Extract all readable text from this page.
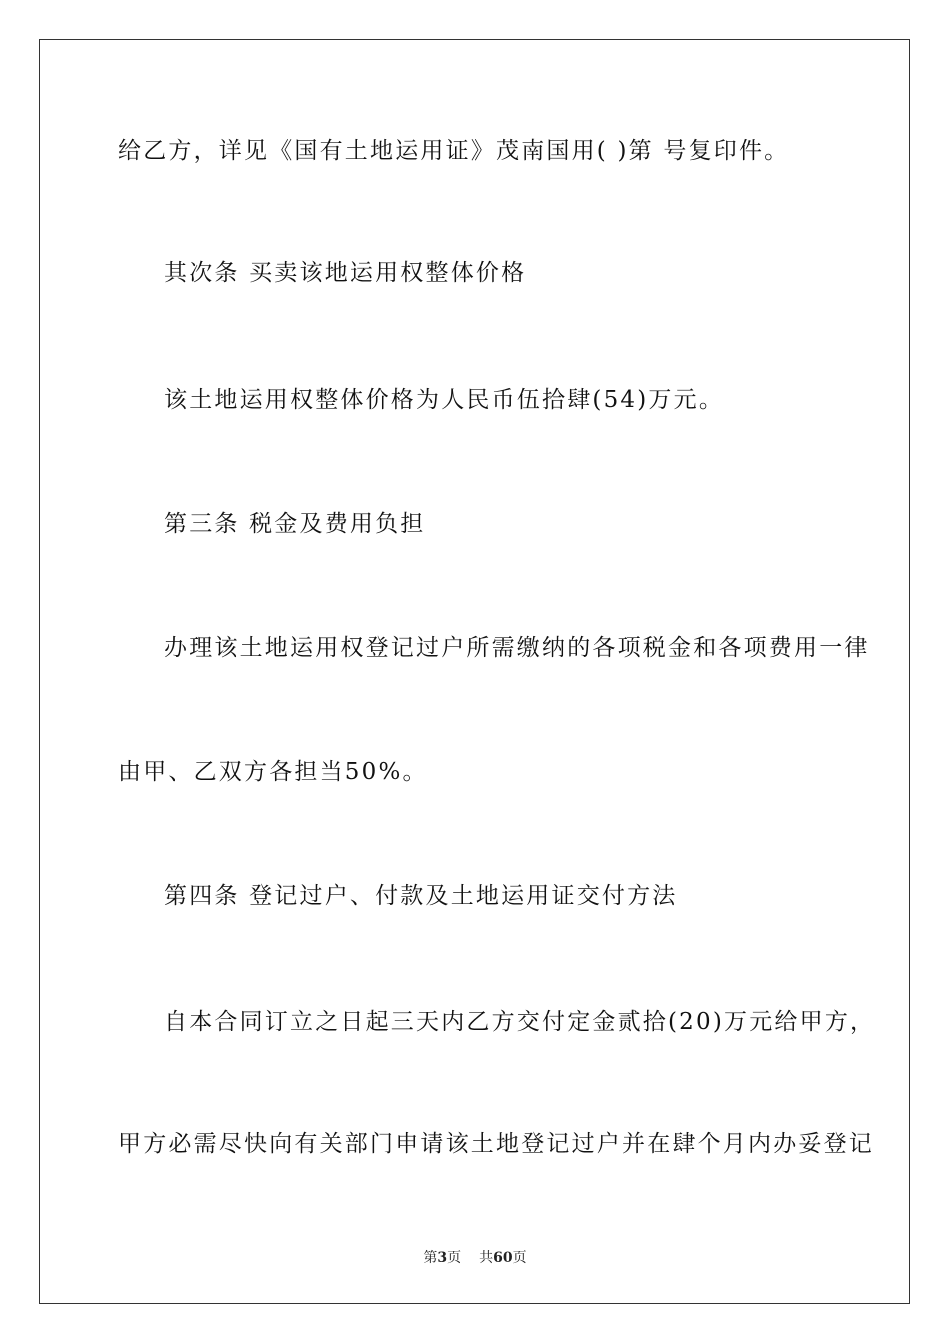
给乙方，详见《国有土地运用证》茂南国用( )第 号复印件。

其次条 买卖该地运用权整体价格

该土地运用权整体价格为人民币伍拾肆(54)万元。

第三条 税金及费用负担

办理该土地运用权登记过户所需缴纳的各项税金和各项费用一律

由甲、乙双方各担当50%。

第四条 登记过户、付款及土地运用证交付方法

自本合同订立之日起三天内乙方交付定金贰拾(20)万元给甲方，

甲方必需尽快向有关部门申请该土地登记过户并在肆个月内办妥登记

第3页 共60页
